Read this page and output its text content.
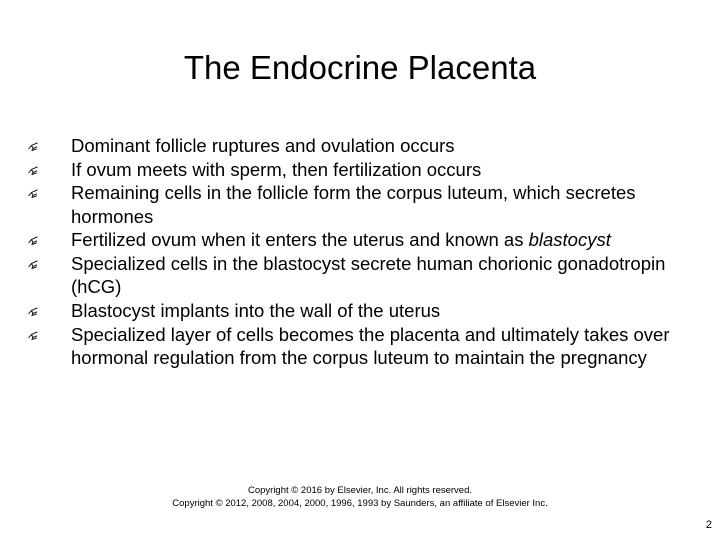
The Endocrine Placenta
Dominant follicle ruptures and ovulation occurs
If ovum meets with sperm, then fertilization occurs
Remaining cells in the follicle form the corpus luteum, which secretes hormones
Fertilized ovum when it enters the uterus and known as blastocyst
Specialized cells in the blastocyst secrete human chorionic gonadotropin (hCG)
Blastocyst implants into the wall of the uterus
Specialized layer of cells becomes the placenta and ultimately takes over hormonal regulation from the corpus luteum to maintain the pregnancy
Copyright © 2016 by Elsevier, Inc. All rights reserved.
Copyright © 2012, 2008, 2004, 2000, 1996, 1993 by Saunders, an affiliate of Elsevier Inc.
2
